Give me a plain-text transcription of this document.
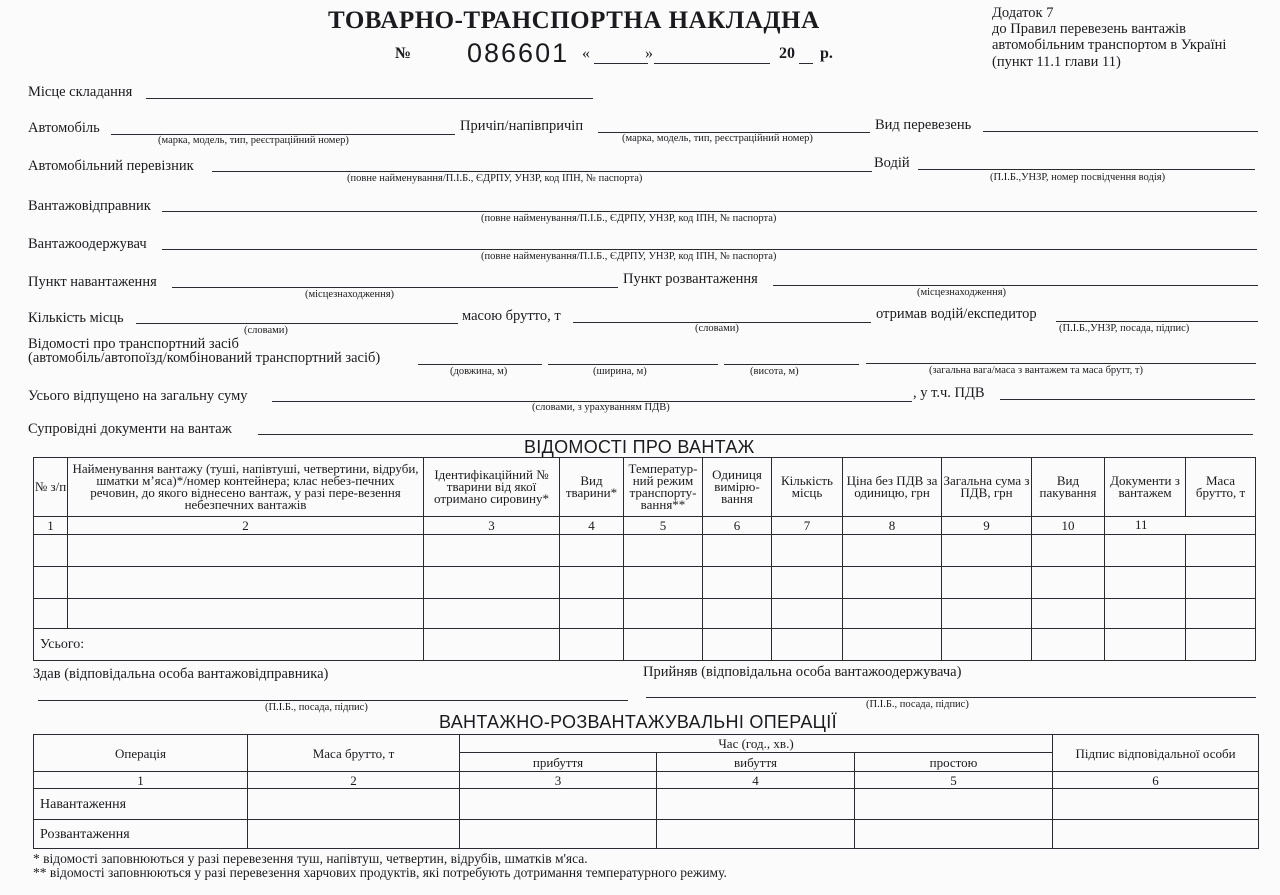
ТОВАРНО-ТРАНСПОРТНА НАКЛАДНА
№ 086601 «	»	20 р.
Додаток 7
до Правил перевезень вантажів
автомобільним транспортом в Україні
(пункт 11.1 глави 11)
Місце складання
Автомобіль
(марка, модель, тип, реєстраційний номер)
Причіп/напівпричіп
(марка, модель, тип, реєстраційний номер)
Вид перевезень
Автомобільний перевізник
(повне найменування/П.І.Б., ЄДРПУ, УНЗР, код ІПН, № паспорта)
Водій
(П.І.Б.,УНЗР, номер посвідчення водія)
Вантажовідправник
(повне найменування/П.І.Б., ЄДРПУ, УНЗР, код ІПН, № паспорта)
Вантажоодержувач
(повне найменування/П.І.Б., ЄДРПУ, УНЗР, код ІПН, № паспорта)
Пункт навантаження
(місцезнаходження)
Пункт розвантаження
(місцезнаходження)
Кількість місць
(словами)
масою брутто, т
(словами)
отримав водій/експедитор
(П.І.Б.,УНЗР, посада, підпис)
Відомості про транспортний засіб
(автомобіль/автопоїзд/комбінований транспортний засіб)
(довжина, м)	(ширина, м)	(висота, м)	(загальна вага/маса з вантажем та маса брутт, т)
Усього відпущено на загальну суму
(словами, з урахуванням ПДВ)
, у т.ч. ПДВ
Супровідні документи на вантаж
ВІДОМОСТІ ПРО ВАНТАЖ
№ з/п	Найменування вантажу (туші, напівтуші, четвертини, відруби, шматки м’яса)*/номер контейнера; клас небез-печних речовин, до якого віднесено вантаж, у разі пере-везення небезпечних вантажів	Ідентифікаційний № тварини від якої отримано сировину*	Вид тварини*	Температур-ний режим транспорту-вання**	Одиниця вимірю-вання	Кількість місць	Ціна без ПДВ за одиницю, грн	Загальна сума з ПДВ, грн	Вид пакування	Документи з вантажем	Маса брутто, т
1	2	3	4	5	6	7	8	9	10	11	

Усього:											
Здав (відповідальна особа вантажовідправника)
(П.І.Б., посада, підпис)
Прийняв (відповідальна особа вантажоодержувача)
(П.І.Б., посада, підпис)
ВАНТАЖНО-РОЗВАНТАЖУВАЛЬНІ ОПЕРАЦІЇ
Операція	Маса брутто, т	Час (год., хв.)			Підпис відповідальної особи
		прибуття	вибуття	простою	
1	2	3	4	5	6
Навантаження					
Розвантаження					
* відомості заповнюються у разі перевезення туш, напівтуш, четвертин, відрубів, шматків м'яса.
** відомості заповнюються у разі перевезення харчових продуктів, які потребують дотримання температурного режиму.
